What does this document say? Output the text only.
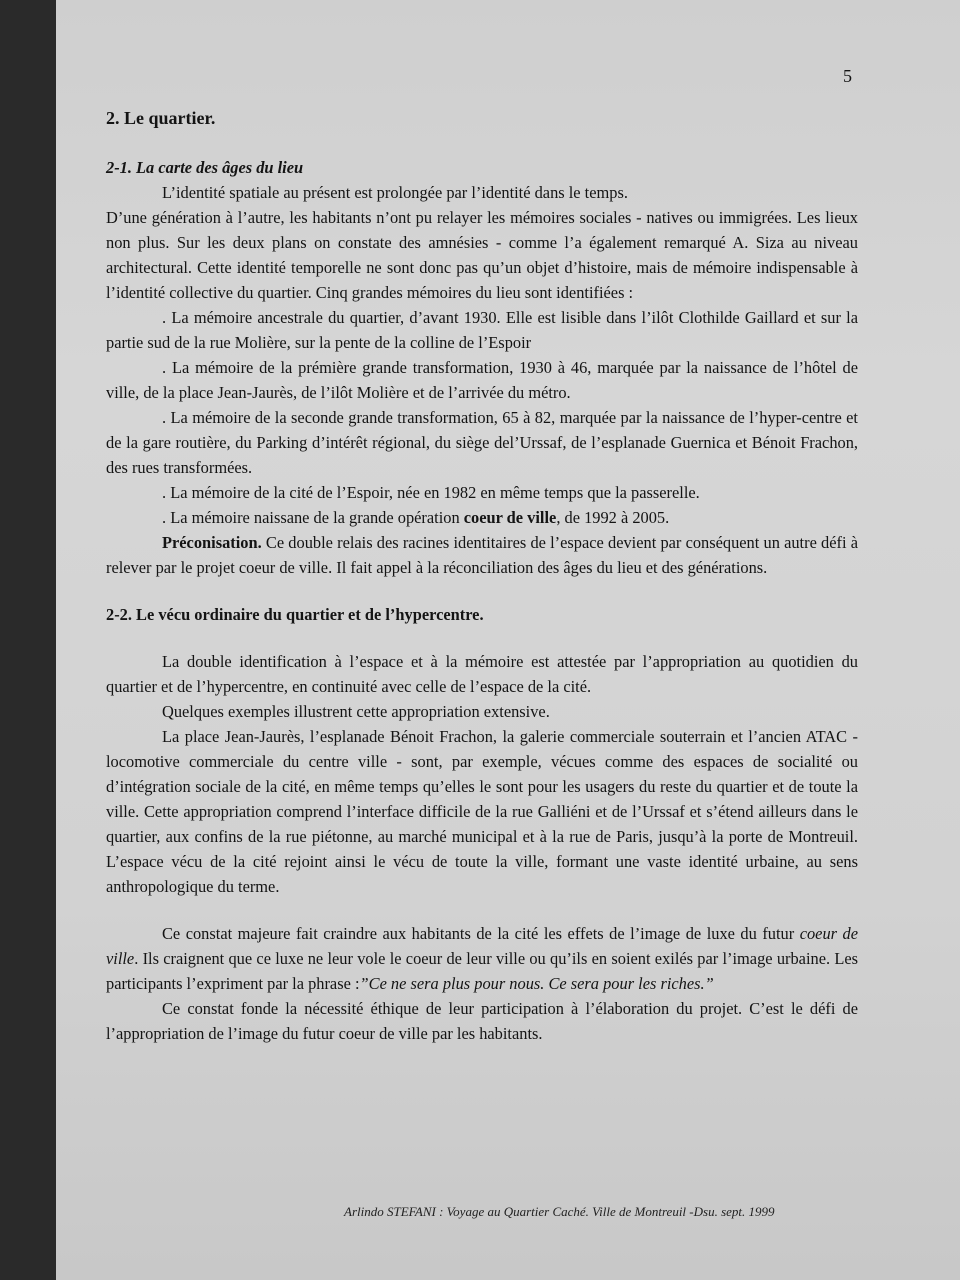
5

2. Le quartier.

2-1. La carte des âges du lieu

L’identité spatiale au présent est prolongée par l’identité dans le temps.

D’une génération à l’autre, les habitants n’ont pu relayer les mémoires sociales - natives ou immigrées. Les lieux non plus. Sur les deux plans on constate des amnésies - comme l’a également remarqué A. Siza au niveau architectural. Cette identité temporelle ne sont donc pas qu’un objet d’histoire, mais de mémoire indispensable à l’identité collective du quartier. Cinq grandes mémoires du lieu sont identifiées :

. La mémoire ancestrale du quartier, d’avant 1930. Elle est lisible dans l’ilôt Clothilde Gaillard et sur la partie sud de la rue Molière, sur la pente de la colline de l’Espoir

. La mémoire de la prémière grande transformation, 1930 à 46, marquée par la naissance de l’hôtel de ville, de la place Jean-Jaurès, de l’ilôt Molière et de l’arrivée du métro.

. La mémoire de la seconde grande transformation, 65 à 82, marquée par la naissance de l’hyper-centre et de la gare routière, du Parking d’intérêt régional, du siège del’Urssaf, de l’esplanade Guernica et Bénoit Frachon, des rues transformées.

. La mémoire de la cité de l’Espoir, née en 1982 en même temps que la passerelle.

. La mémoire naissane de la grande opération coeur de ville, de 1992 à 2005.

Préconisation. Ce double relais des racines identitaires de l’espace devient par conséquent un autre défi à relever par le projet coeur de ville. Il fait appel à la réconciliation des âges du lieu et des générations.

2-2. Le vécu ordinaire du quartier et de l’hypercentre.

La double identification à l’espace et à la mémoire est attestée par l’appropriation au quotidien du quartier et de l’hypercentre, en continuité avec celle de l’espace de la cité.

Quelques exemples illustrent cette appropriation extensive.

La place Jean-Jaurès, l’esplanade Bénoit Frachon, la galerie commerciale souterrain et l’ancien ATAC - locomotive commerciale du centre ville - sont, par exemple, vécues comme des espaces de socialité ou d’intégration sociale de la cité, en même temps qu’elles le sont pour les usagers du reste du quartier et de toute la ville. Cette appropriation comprend l’interface difficile de la rue Galliéni et de l’Urssaf et s’étend ailleurs dans le quartier, aux confins de la rue piétonne, au marché municipal et à la rue de Paris, jusqu’à la porte de Montreuil. L’espace vécu de la cité rejoint ainsi le vécu de toute la ville, formant une vaste identité urbaine, au sens anthropologique du terme.

Ce constat majeure fait craindre aux habitants de la cité les effets de l’image de luxe du futur coeur de ville. Ils craignent que ce luxe ne leur vole le coeur de leur ville ou qu’ils en soient exilés par l’image urbaine. Les participants l’expriment par la phrase :”Ce ne sera plus pour nous. Ce sera pour les riches.”

Ce constat fonde la nécessité éthique de leur participation à l’élaboration du projet. C’est le défi de l’appropriation de l’image du futur coeur de ville par les habitants.

Arlindo STEFANI : Voyage au Quartier Caché. Ville de Montreuil -Dsu. sept. 1999
